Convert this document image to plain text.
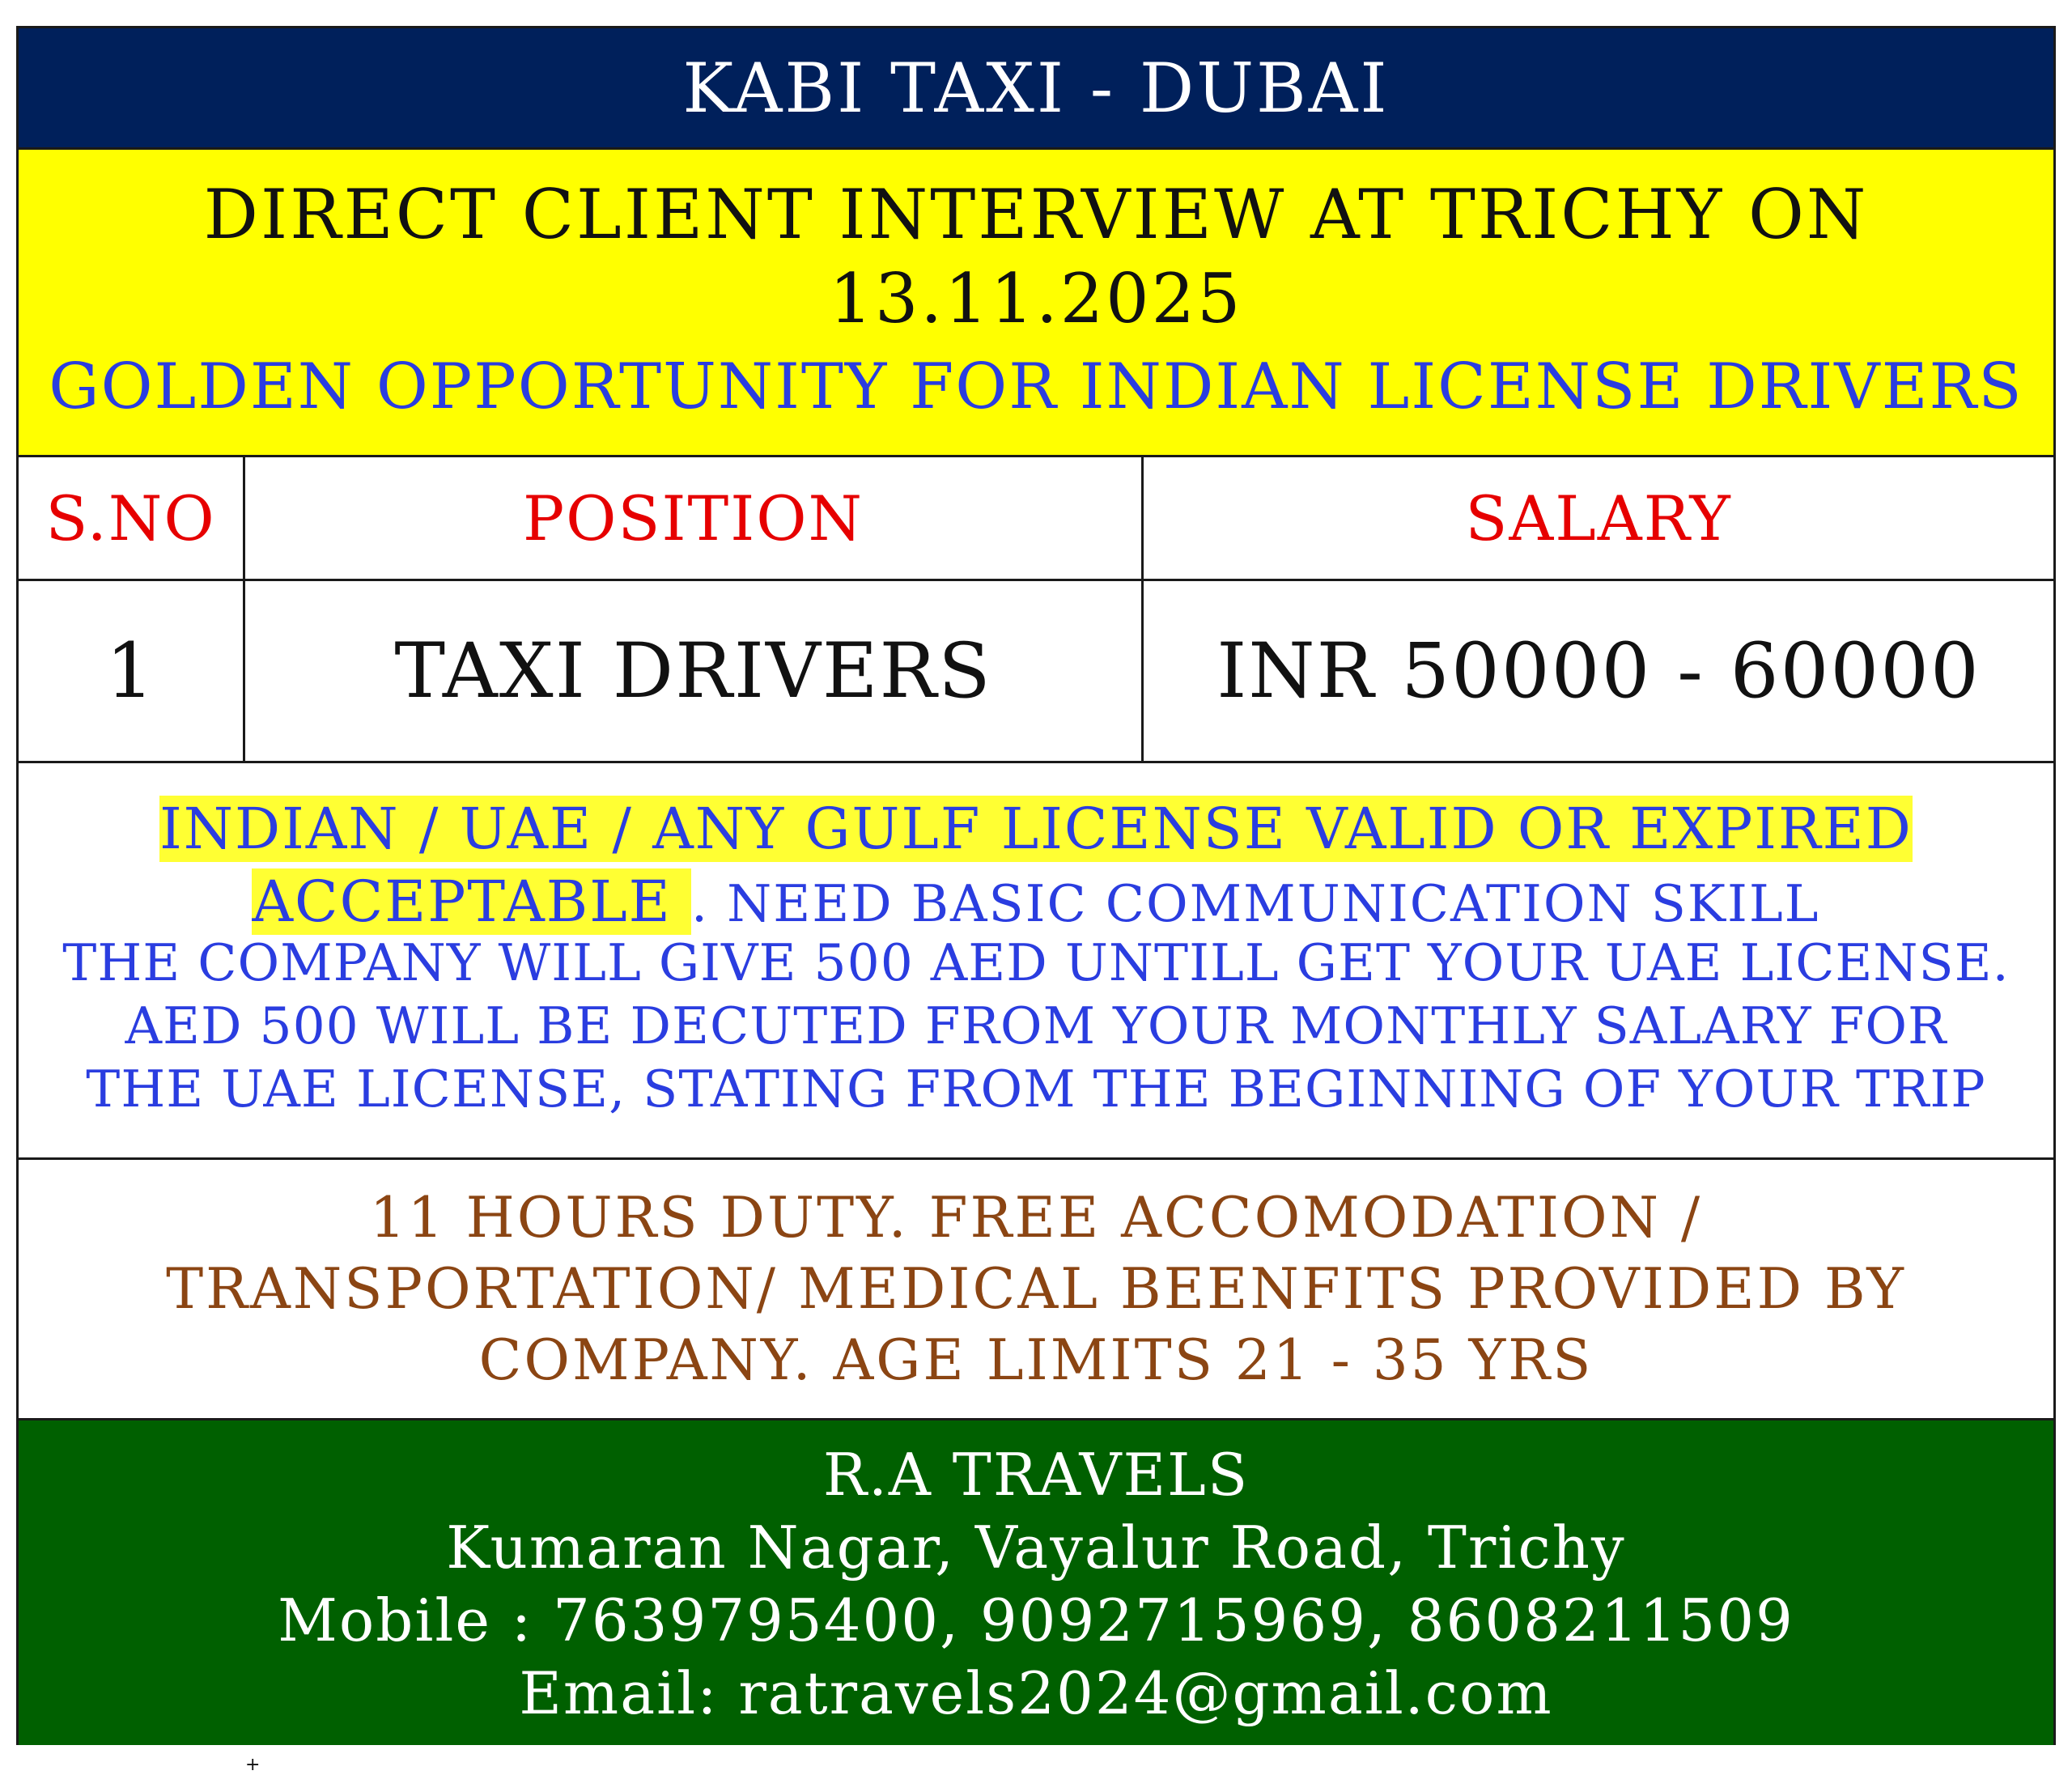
KABI TAXI - DUBAI
DIRECT CLIENT INTERVIEW AT TRICHY ON
13.11.2025
GOLDEN OPPORTUNITY FOR INDIAN LICENSE DRIVERS
S.NO	POSITION	SALARY
1	TAXI DRIVERS	INR 50000 - 60000
INDIAN / UAE / ANY GULF LICENSE VALID OR EXPIRED
ACCEPTABLE . NEED BASIC COMMUNICATION SKILL
THE COMPANY WILL GIVE 500 AED UNTILL GET YOUR UAE LICENSE.
AED 500 WILL BE DECUTED FROM YOUR MONTHLY SALARY FOR
THE UAE LICENSE, STATING FROM THE BEGINNING OF YOUR TRIP
11 HOURS DUTY. FREE ACCOMODATION /
TRANSPORTATION/ MEDICAL BEENFITS PROVIDED BY
COMPANY. AGE LIMITS 21 - 35 YRS
R.A TRAVELS
Kumaran Nagar, Vayalur Road, Trichy
Mobile : 7639795400, 9092715969, 8608211509
Email: ratravels2024@gmail.com
+
